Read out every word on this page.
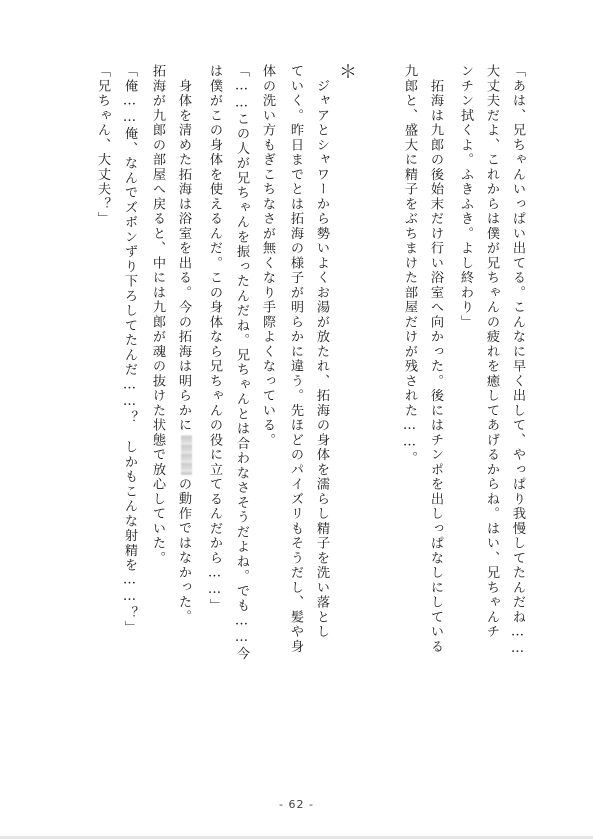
「あは、兄ちゃんいっぱい出てる。こんなに早く出して、やっぱり我慢してたんだね……
大丈夫だよ、これからは僕が兄ちゃんの疲れを癒してあげるからね。はい、兄ちゃんチ
ンチン拭くよ。ふきふき。よし終わり」
　拓海は九郎の後始末だけ行い浴室へ向かった。後にはチンポを出しっぱなしにしている
九郎と、盛大に精子をぶちまけた部屋だけが残された……。
＊
　ジャアとシャワーから勢いよくお湯が放たれ、拓海の身体を濡らし精子を洗い落とし
ていく。昨日までとは拓海の様子が明らかに違う。先ほどのパイズリもそうだし、髪や身
体の洗い方もぎこちなさが無くなり手際よくなっている。
「……この人が兄ちゃんを振ったんだね。兄ちゃんとは合わなさそうだよね。でも……今
は僕がこの身体を使えるんだ。この身体なら兄ちゃんの役に立てるんだから……」
　身体を清めた拓海は浴室を出る。今の拓海は明らかにの動作ではなかった。
拓海が九郎の部屋へ戻ると、中には九郎が魂の抜けた状態で放心していた。
「俺……俺、なんでズボンずり下ろしてたんだ……？　しかもこんな射精を……？」
「兄ちゃん、大丈夫？」
- 62 -
